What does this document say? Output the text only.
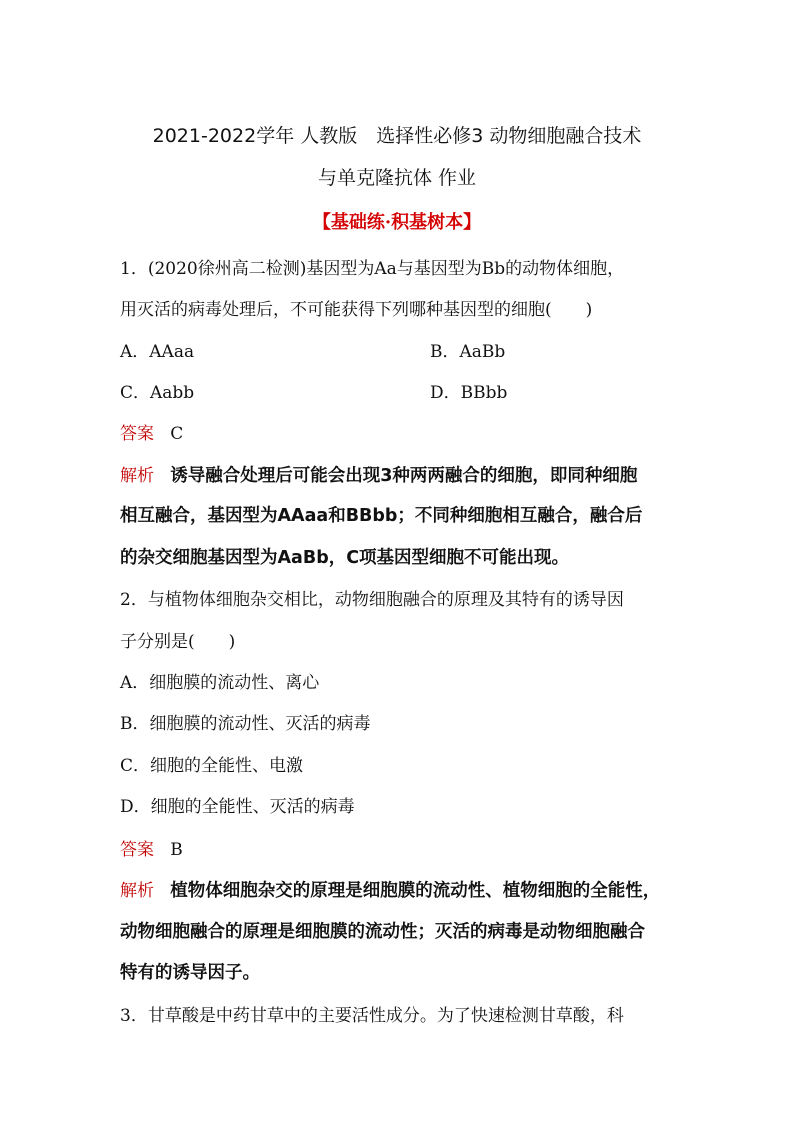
2021-2022学年 人教版　选择性必修3 动物细胞融合技术
与单克隆抗体 作业
【基础练·积基树本】
1．(2020徐州高二检测)基因型为Aa与基因型为Bb的动物体细胞，
用灭活的病毒处理后，不可能获得下列哪种基因型的细胞(　　)
A．AAaa	B．AaBb
C．Aabb	D．BBbb
答案 C
解析 诱导融合处理后可能会出现3种两两融合的细胞，即同种细胞
相互融合，基因型为AAaa和BBbb；不同种细胞相互融合，融合后
的杂交细胞基因型为AaBb，C项基因型细胞不可能出现。
2．与植物体细胞杂交相比，动物细胞融合的原理及其特有的诱导因
子分别是(　　)
A．细胞膜的流动性、离心
B．细胞膜的流动性、灭活的病毒
C．细胞的全能性、电激
D．细胞的全能性、灭活的病毒
答案 B
解析 植物体细胞杂交的原理是细胞膜的流动性、植物细胞的全能性，
动物细胞融合的原理是细胞膜的流动性；灭活的病毒是动物细胞融合
特有的诱导因子。
3．甘草酸是中药甘草中的主要活性成分。为了快速检测甘草酸，科
